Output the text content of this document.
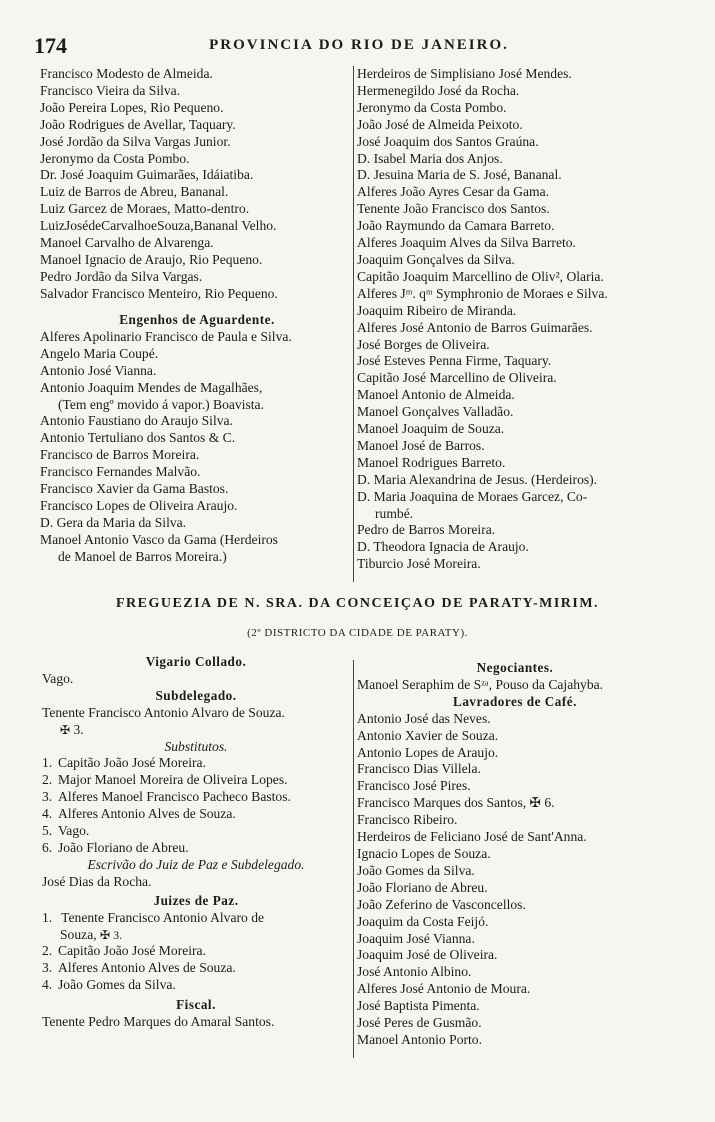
174	PROVINCIA DO RIO DE JANEIRO.
Francisco Modesto de Almeida.
Francisco Vieira da Silva.
João Pereira Lopes, Rio Pequeno.
João Rodrigues de Avellar, Taquary.
José Jordão da Silva Vargas Junior.
Jeronymo da Costa Pombo.
Dr. José Joaquim Guimarães, Idáiatiba.
Luiz de Barros de Abreu, Bananal.
Luiz Garcez de Moraes, Matto-dentro.
LuizJosédeCarvalhoeSouza,Bananal Velho.
Manoel Carvalho de Alvarenga.
Manoel Ignacio de Araujo, Rio Pequeno.
Pedro Jordão da Silva Vargas.
Salvador Francisco Menteiro, Rio Pequeno.
Engenhos de Aguardente.
Alferes Apolinario Francisco de Paula e Silva.
Angelo Maria Coupé.
Antonio José Vianna.
Antonio Joaquim Mendes de Magalhães,
(Tem engº movido á vapor.) Boavista.
Antonio Faustiano do Araujo Silva.
Antonio Tertuliano dos Santos & C.
Francisco de Barros Moreira.
Francisco Fernandes Malvão.
Francisco Xavier da Gama Bastos.
Francisco Lopes de Oliveira Araujo.
D. Gera da Maria da Silva.
Manoel Antonio Vasco da Gama (Herdeiros
de Manoel de Barros Moreira.)
Herdeiros de Simplisiano José Mendes.
Hermenegildo José da Rocha.
Jeronymo da Costa Pombo.
João José de Almeida Peixoto.
José Joaquim dos Santos Graúna.
D. Isabel Maria dos Anjos.
D. Jesuina Maria de S. José, Bananal.
Alferes João Ayres Cesar da Gama.
Tenente João Francisco dos Santos.
João Raymundo da Camara Barreto.
Alferes Joaquim Alves da Silva Barreto.
Joaquim Gonçalves da Silva.
Capitão Joaquim Marcellino de Oliv², Olaria.
Alferes Jᵐ. qᵐ Symphronio de Moraes e Silva.
Joaquim Ribeiro de Miranda.
Alferes José Antonio de Barros Guimarães.
José Borges de Oliveira.
José Esteves Penna Firme, Taquary.
Capitão José Marcellino de Oliveira.
Manoel Antonio de Almeida.
Manoel Gonçalves Valladão.
Manoel Joaquim de Souza.
Manoel José de Barros.
Manoel Rodrigues Barreto.
D. Maria Alexandrina de Jesus. (Herdeiros).
D. Maria Joaquina de Moraes Garcez, Co-
rumbé.
Pedro de Barros Moreira.
D. Theodora Ignacia de Araujo.
Tiburcio José Moreira.
FREGUEZIA DE N. SRA. DA CONCEIÇAO DE PARATY-MIRIM.
(2º DISTRICTO DA CIDADE DE PARATY).
Vigario Collado.
Vago.
Subdelegado.
Tenente Francisco Antonio Alvaro de Souza.
✠ 3.
Substitutos.
1. Capitão João José Moreira.
2. Major Manoel Moreira de Oliveira Lopes.
3. Alferes Manoel Francisco Pacheco Bastos.
4. Alferes Antonio Alves de Souza.
5. Vago.
6. João Floriano de Abreu.
Escrivão do Juiz de Paz e Subdelegado.
José Dias da Rocha.
Juizes de Paz.
1. Tenente Francisco Antonio Alvaro de
Souza, ✠ 3.
2. Capitão João José Moreira.
3. Alferes Antonio Alves de Souza.
4. João Gomes da Silva.
Fiscal.
Tenente Pedro Marques do Amaral Santos.
Negociantes.
Manoel Seraphim de Sᶻᵃ, Pouso da Cajahyba.
Lavradores de Café.
Antonio José das Neves.
Antonio Xavier de Souza.
Antonio Lopes de Araujo.
Francisco Dias Villela.
Francisco José Pires.
Francisco Marques dos Santos, ✠ 6.
Francisco Ribeiro.
Herdeiros de Feliciano José de Sant'Anna.
Ignacio Lopes de Souza.
João Gomes da Silva.
João Floriano de Abreu.
João Zeferino de Vasconcellos.
Joaquim da Costa Feijó.
Joaquim José Vianna.
Joaquim José de Oliveira.
José Antonio Albino.
Alferes José Antonio de Moura.
José Baptista Pimenta.
José Peres de Gusmão.
Manoel Antonio Porto.
